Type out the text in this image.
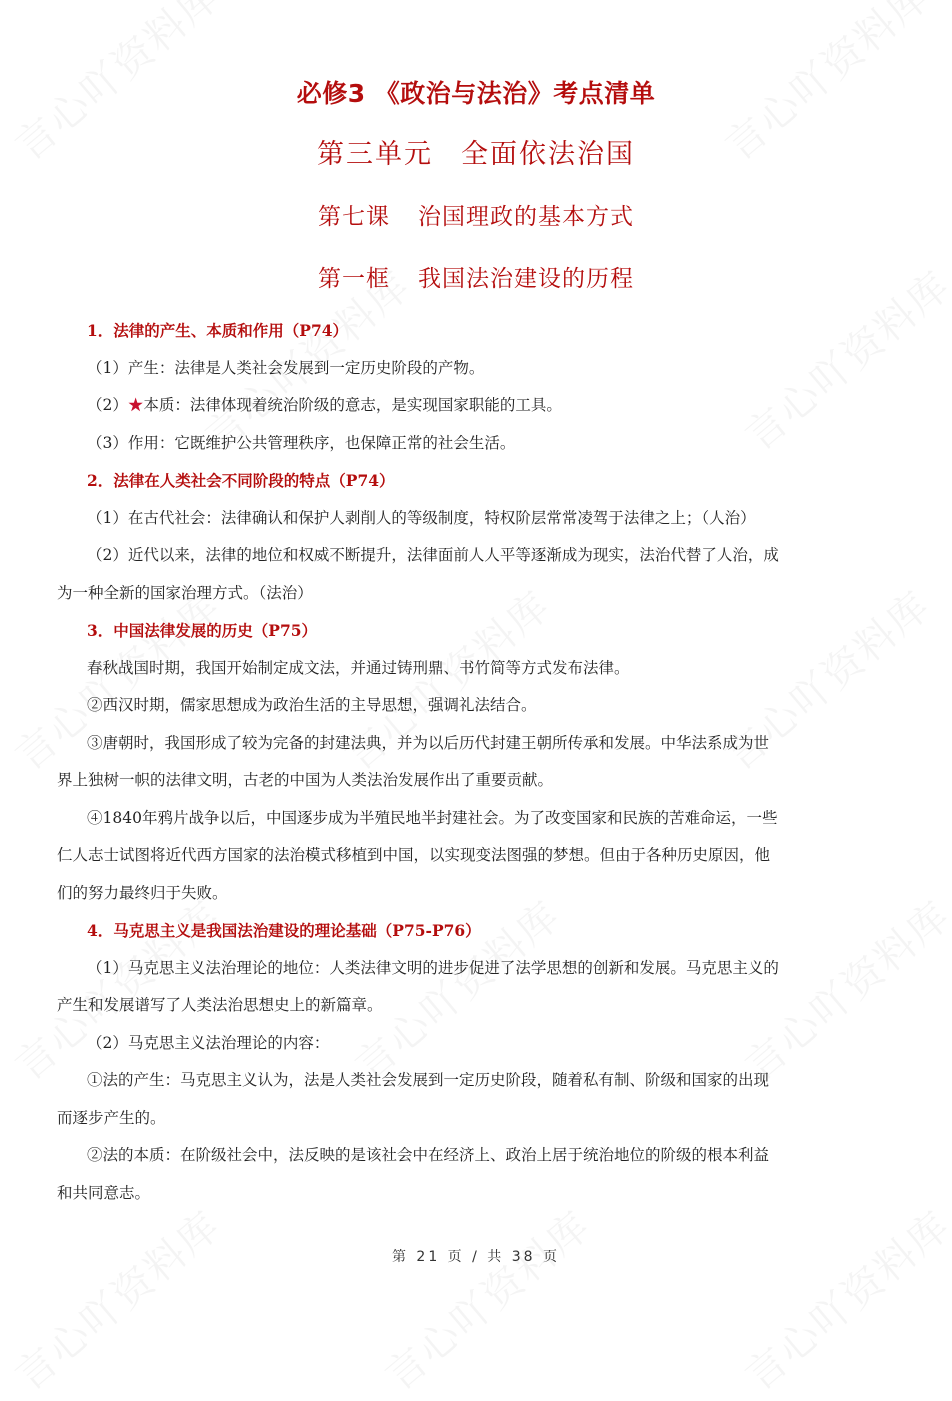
必修3 《政治与法治》考点清单
第三单元 全面依法治国
第七课 治国理政的基本方式
第一框 我国法治建设的历程
1．法律的产生、本质和作用（P74）
（1）产生：法律是人类社会发展到一定历史阶段的产物。
（2）★本质：法律体现着统治阶级的意志，是实现国家职能的工具。
（3）作用：它既维护公共管理秩序，也保障正常的社会生活。
2．法律在人类社会不同阶段的特点（P74）
（1）在古代社会：法律确认和保护人剥削人的等级制度，特权阶层常常凌驾于法律之上；（人治）
（2）近代以来，法律的地位和权威不断提升，法律面前人人平等逐渐成为现实，法治代替了人治，成
为一种全新的国家治理方式。（法治）
3．中国法律发展的历史（P75）
春秋战国时期，我国开始制定成文法，并通过铸刑鼎、书竹简等方式发布法律。
②西汉时期，儒家思想成为政治生活的主导思想，强调礼法结合。
③唐朝时，我国形成了较为完备的封建法典，并为以后历代封建王朝所传承和发展。中华法系成为世
界上独树一帜的法律文明，古老的中国为人类法治发展作出了重要贡献。
④1840年鸦片战争以后，中国逐步成为半殖民地半封建社会。为了改变国家和民族的苦难命运，一些
仁人志士试图将近代西方国家的法治模式移植到中国，以实现变法图强的梦想。但由于各种历史原因，他
们的努力最终归于失败。
4．马克思主义是我国法治建设的理论基础（P75-P76）
（1）马克思主义法治理论的地位：人类法律文明的进步促进了法学思想的创新和发展。马克思主义的
产生和发展谱写了人类法治思想史上的新篇章。
（2）马克思主义法治理论的内容：
①法的产生：马克思主义认为，法是人类社会发展到一定历史阶段，随着私有制、阶级和国家的出现
而逐步产生的。
②法的本质：在阶级社会中，法反映的是该社会中在经济上、政治上居于统治地位的阶级的根本利益
和共同意志。
第 21 页 / 共 38 页
